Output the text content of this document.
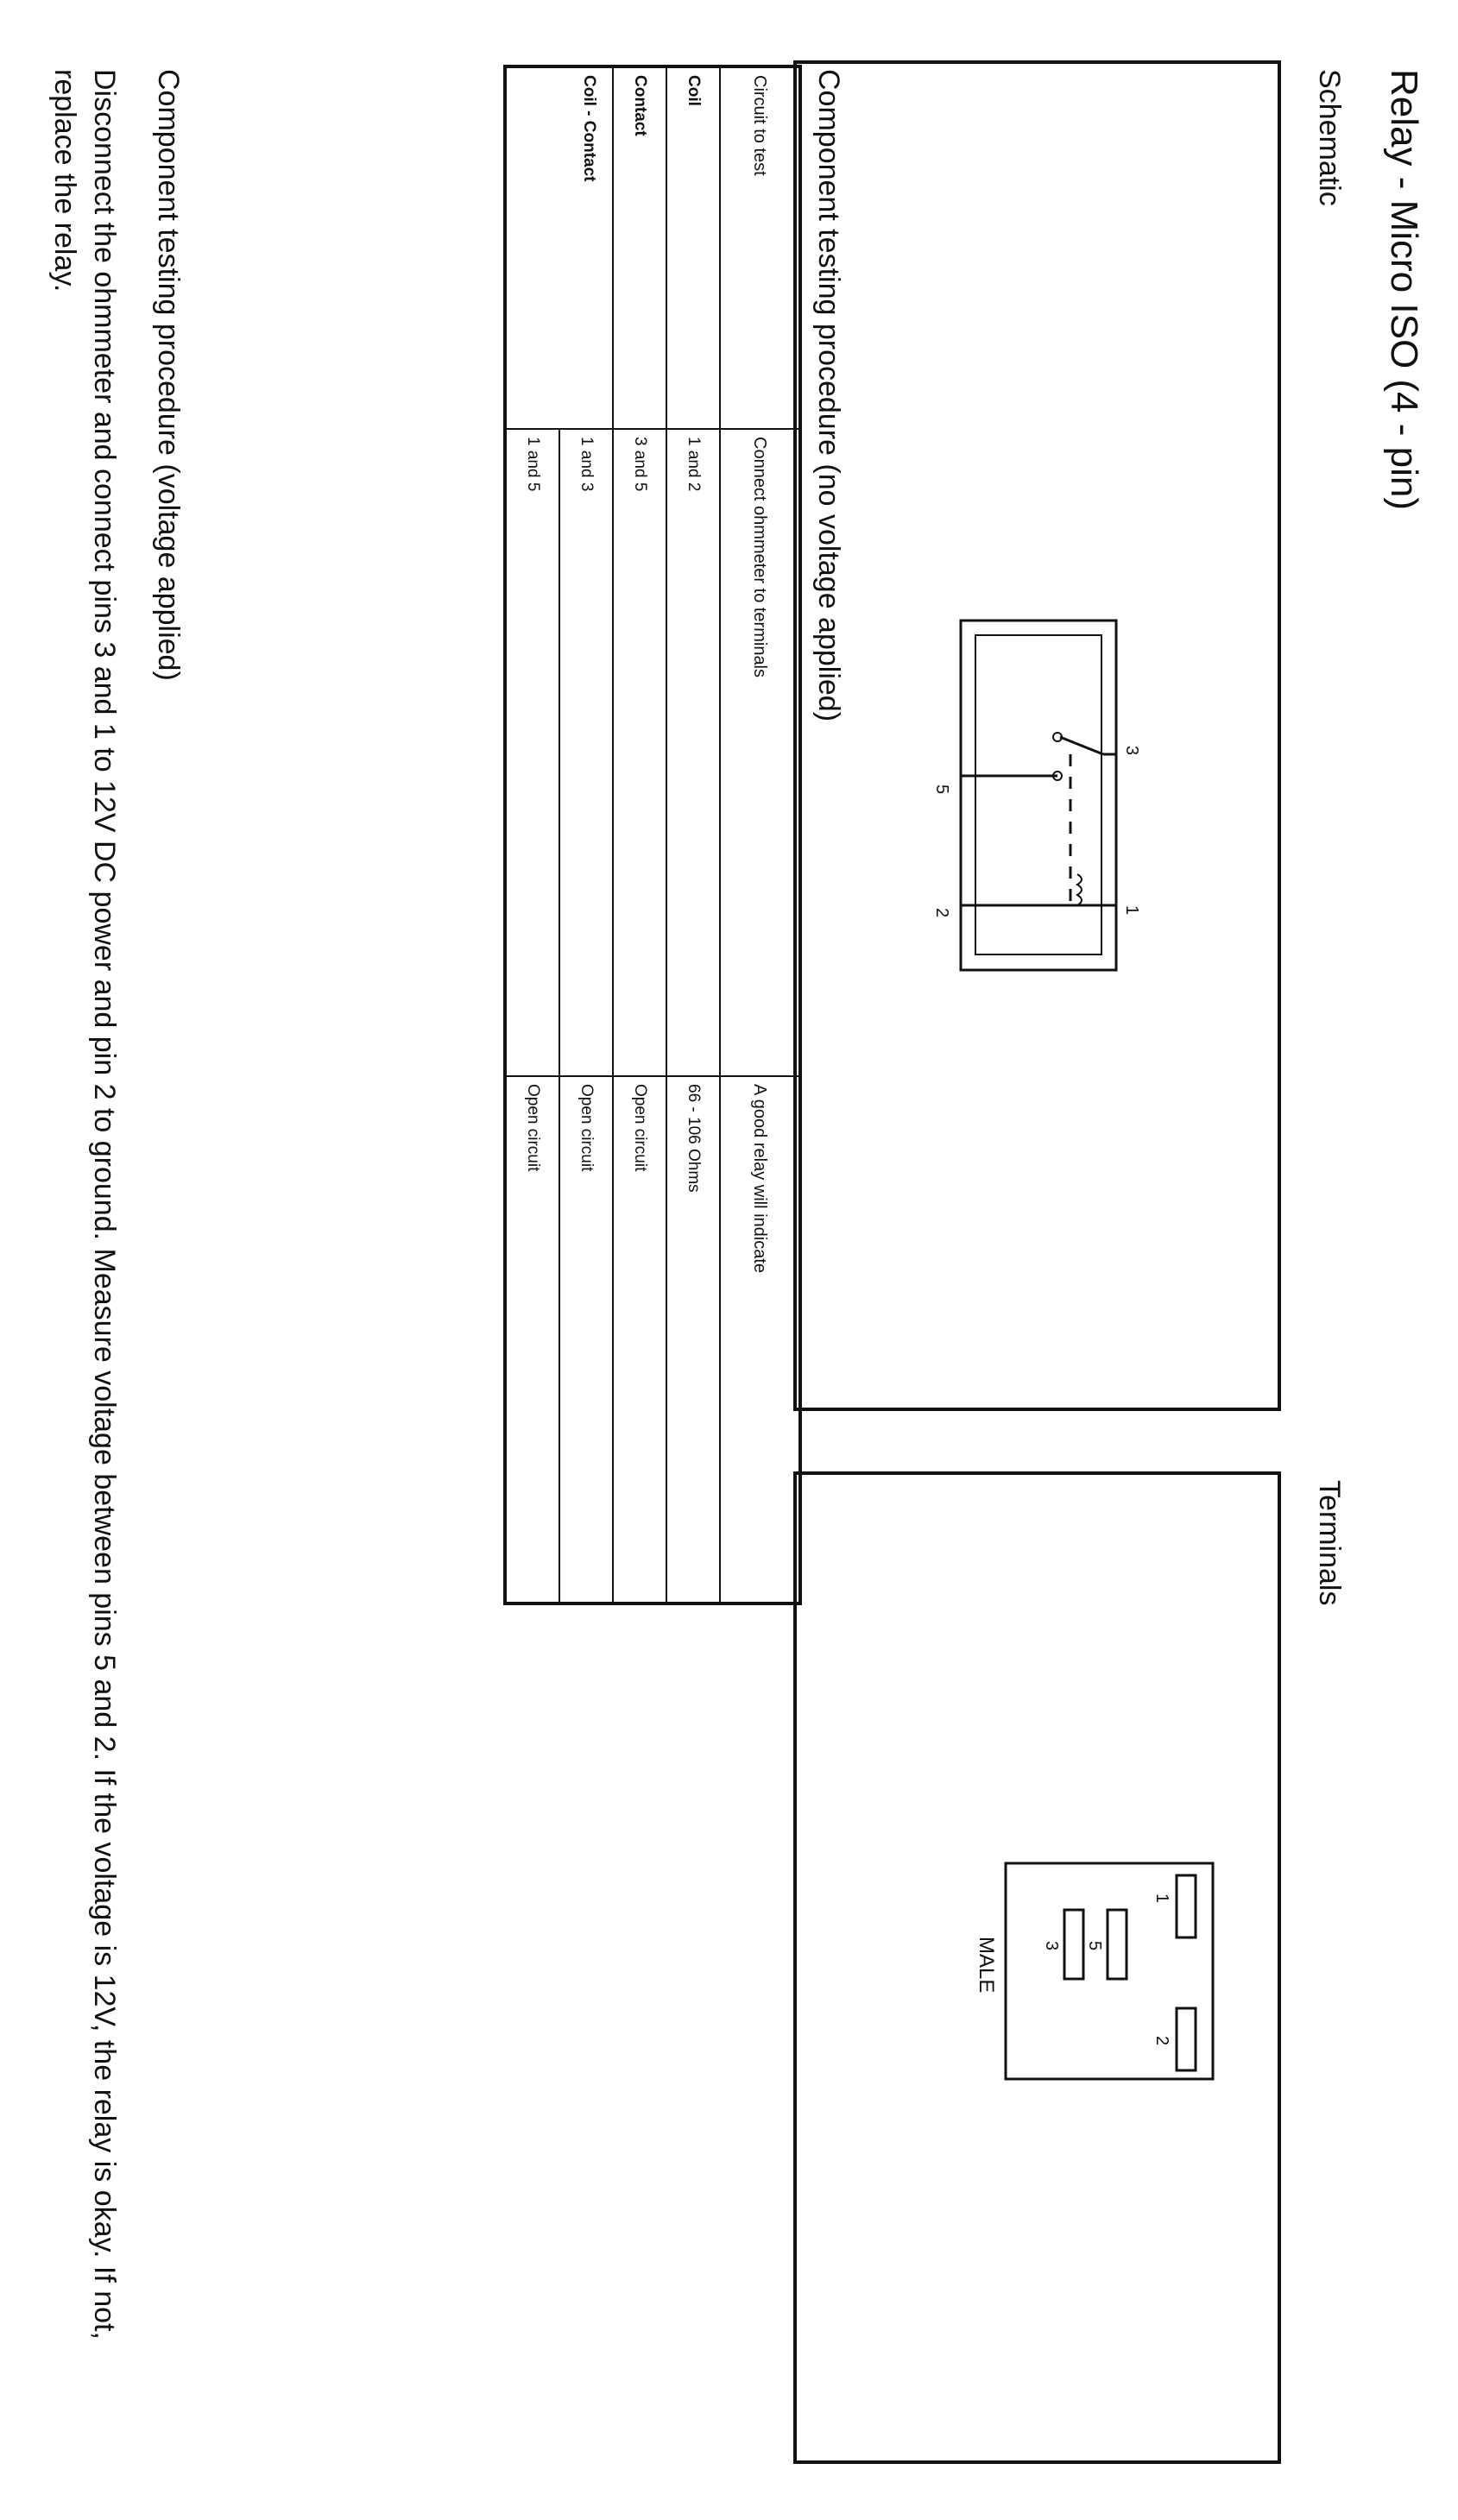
Relay - Micro ISO (4 - pin)
Schematic
3
1
5
2
Terminals
1
2
5
3
MALE
Component testing procedure (no voltage applied)
Circuit to test	Connect ohmmeter to terminals	A good relay will indicate
Coil	1 and 2	66 - 106 Ohms
Contact	3 and 5	Open circuit
Coil - Contact	1 and 3	Open circuit
	1 and 5	Open circuit
Component testing procedure (voltage applied)
Disconnect the ohmmeter and connect pins 3 and 1 to 12V DC power and pin 2 to ground. Measure voltage between pins 5 and 2. If the voltage is 12V, the relay is okay. If not, replace the relay.
